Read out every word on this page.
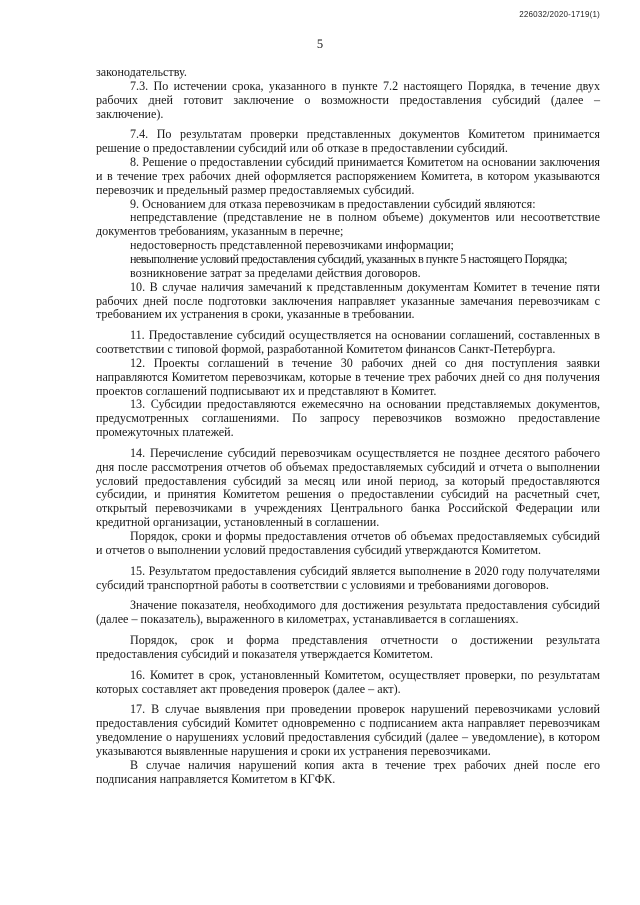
226032/2020-1719(1)
5

законодательству.

7.3. По истечении срока, указанного в пункте 7.2 настоящего Порядка, в течение двух рабочих дней готовит заключение о возможности предоставления субсидий (далее – заключение).

7.4. По результатам проверки представленных документов Комитетом принимается решение о предоставлении субсидий или об отказе в предоставлении субсидий.

8. Решение о предоставлении субсидий принимается Комитетом на основании заключения и в течение трех рабочих дней оформляется распоряжением Комитета, в котором указываются перевозчик и предельный размер предоставляемых субсидий.

9. Основанием для отказа перевозчикам в предоставлении субсидий являются:

непредставление (представление не в полном объеме) документов или несоответствие документов требованиям, указанным в перечне;

недостоверность представленной перевозчиками информации;

невыполнение условий предоставления субсидий, указанных в пункте 5 настоящего Порядка;

возникновение затрат за пределами действия договоров.

10. В случае наличия замечаний к представленным документам Комитет в течение пяти рабочих дней после подготовки заключения направляет указанные замечания перевозчикам с требованием их устранения в сроки, указанные в требовании.

11. Предоставление субсидий осуществляется на основании соглашений, составленных в соответствии с типовой формой, разработанной Комитетом финансов Санкт-Петербурга.

12. Проекты соглашений в течение 30 рабочих дней со дня поступления заявки направляются Комитетом перевозчикам, которые в течение трех рабочих дней со дня получения проектов соглашений подписывают их и представляют в Комитет.

13. Субсидии предоставляются ежемесячно на основании представляемых документов, предусмотренных соглашениями. По запросу перевозчиков возможно предоставление промежуточных платежей.

14. Перечисление субсидий перевозчикам осуществляется не позднее десятого рабочего дня после рассмотрения отчетов об объемах предоставляемых субсидий и отчета о выполнении условий предоставления субсидий за месяц или иной период, за который предоставляются субсидии, и принятия Комитетом решения о предоставлении субсидий на расчетный счет, открытый перевозчиками в учреждениях Центрального банка Российской Федерации или кредитной организации, установленный в соглашении.

Порядок, сроки и формы предоставления отчетов об объемах предоставляемых субсидий и отчетов о выполнении условий предоставления субсидий утверждаются Комитетом.

15. Результатом предоставления субсидий является выполнение в 2020 году получателями субсидий транспортной работы в соответствии с условиями и требованиями договоров.

Значение показателя, необходимого для достижения результата предоставления субсидий (далее – показатель), выраженного в километрах, устанавливается в соглашениях.

Порядок, срок и форма представления отчетности о достижении результата предоставления субсидий и показателя утверждается Комитетом.

16. Комитет в срок, установленный Комитетом, осуществляет проверки, по результатам которых составляет акт проведения проверок (далее – акт).

17. В случае выявления при проведении проверок нарушений перевозчиками условий предоставления субсидий Комитет одновременно с подписанием акта направляет перевозчикам уведомление о нарушениях условий предоставления субсидий (далее – уведомление), в котором указываются выявленные нарушения и сроки их устранения перевозчиками.

В случае наличия нарушений копия акта в течение трех рабочих дней после его подписания направляется Комитетом в КГФК.
